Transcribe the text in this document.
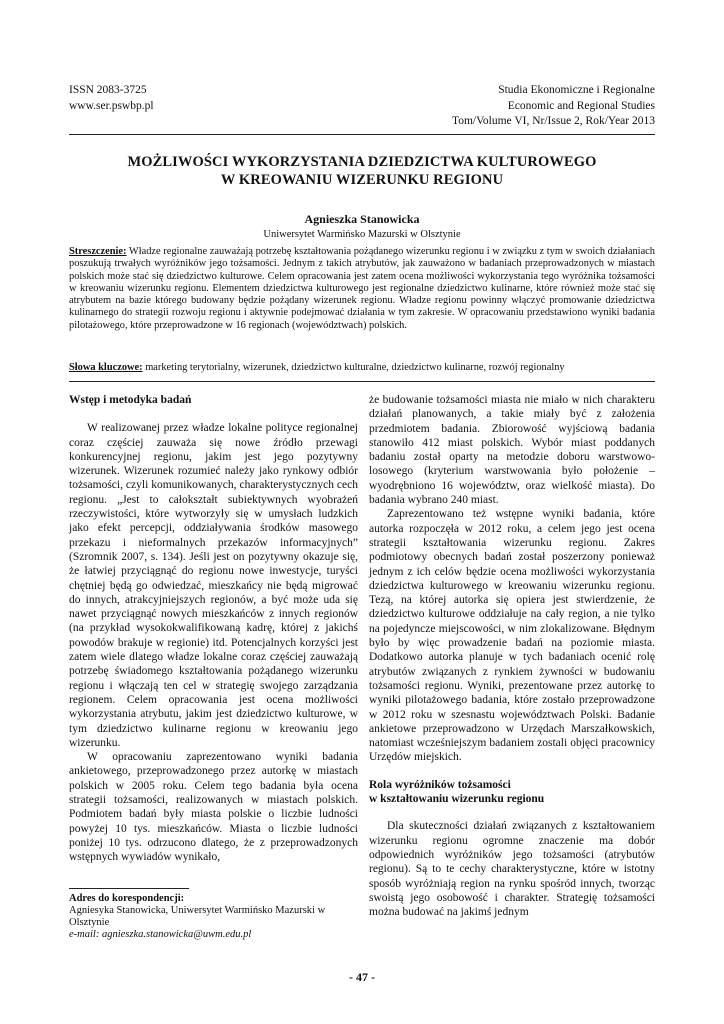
ISSN 2083-3725
www.ser.pswbp.pl
Studia Ekonomiczne i Regionalne
Economic and Regional Studies
Tom/Volume VI, Nr/Issue 2, Rok/Year 2013
MOŻLIWOŚCI WYKORZYSTANIA DZIEDZICTWA KULTUROWEGO
W KREOWANIU WIZERUNKU REGIONU
Agnieszka Stanowicka
Uniwersytet Warmińsko Mazurski w Olsztynie
Streszczenie: Władze regionalne zauważają potrzebę kształtowania pożądanego wizerunku regionu i w związku z tym w swoich działaniach poszukują trwałych wyróżników jego tożsamości. Jednym z takich atrybutów, jak zauważono w badaniach przeprowadzonych w miastach polskich może stać się dziedzictwo kulturowe. Celem opracowania jest zatem ocena możliwości wykorzystania tego wyróżnika tożsamości w kreowaniu wizerunku regionu. Elementem dziedzictwa kulturowego jest regionalne dziedzictwo kulinarne, które również może stać się atrybutem na bazie którego budowany będzie pożądany wizerunek regionu. Władze regionu powinny włączyć promowanie dziedzictwa kulinarnego do strategii rozwoju regionu i aktywnie podejmować działania w tym zakresie. W opracowaniu przedstawiono wyniki badania pilotażowego, które przeprowadzone w 16 regionach (województwach) polskich.
Słowa kluczowe: marketing terytorialny, wizerunek, dziedzictwo kulturalne, dziedzictwo kulinarne, rozwój regionalny
Wstęp i metodyka badań

W realizowanej przez władze lokalne polityce regionalnej coraz częściej zauważa się nowe źródło przewagi konkurencyjnej regionu, jakim jest jego pozytywny wizerunek. Wizerunek rozumieć należy jako rynkowy odbiór tożsamości, czyli komunikowanych, charakterystycznych cech regionu. „Jest to całokształt subiektywnych wyobrażeń rzeczywistości, które wytworzyły się w umysłach ludzkich jako efekt percepcji, oddziaływania środków masowego przekazu i nieformalnych przekazów informacyjnych” (Szromnik 2007, s. 134). Jeśli jest on pozytywny okazuje się, że łatwiej przyciągnąć do regionu nowe inwestycje, turyści chętniej będą go odwiedzać, mieszkańcy nie będą migrować do innych, atrakcyjniejszych regionów, a być może uda się nawet przyciągnąć nowych mieszkańców z innych regionów (na przykład wysokokwalifikowaną kadrę, której z jakichś powodów brakuje w regionie) itd. Potencjalnych korzyści jest zatem wiele dlatego władze lokalne coraz częściej zauważają potrzebę świadomego kształtowania pożądanego wizerunku regionu i włączają ten cel w strategię swojego zarządzania regionem. Celem opracowania jest ocena możliwości wykorzystania atrybutu, jakim jest dziedzictwo kulturowe, w tym dziedzictwo kulinarne regionu w kreowaniu jego wizerunku.

W opracowaniu zaprezentowano wyniki badania ankietowego, przeprowadzonego przez autorkę w miastach polskich w 2005 roku. Celem tego badania była ocena strategii tożsamości, realizowanych w miastach polskich. Podmiotem badań były miasta polskie o liczbie ludności powyżej 10 tys. mieszkańców. Miasta o liczbie ludności poniżej 10 tys. odrzucono dlatego, że z przeprowadzonych wstępnych wywiadów wynikało,

że budowanie tożsamości miasta nie miało w nich charakteru działań planowanych, a takie miały być z założenia przedmiotem badania. Zbiorowość wyjściową badania stanowiło 412 miast polskich. Wybór miast poddanych badaniu został oparty na metodzie doboru warstwowo-losowego (kryterium warstwowania było położenie – wyodrębniono 16 województw, oraz wielkość miasta). Do badania wybrano 240 miast.

Zaprezentowano też wstępne wyniki badania, które autorka rozpoczęła w 2012 roku, a celem jego jest ocena strategii kształtowania wizerunku regionu. Zakres podmiotowy obecnych badań został poszerzony ponieważ jednym z ich celów będzie ocena możliwości wykorzystania dziedzictwa kulturowego w kreowaniu wizerunku regionu. Tezą, na której autorka się opiera jest stwierdzenie, że dziedzictwo kulturowe oddziałuje na cały region, a nie tylko na pojedyncze miejscowości, w nim zlokalizowane. Błędnym było by więc prowadzenie badań na poziomie miasta. Dodatkowo autorka planuje w tych badaniach ocenić rolę atrybutów związanych z rynkiem żywności w budowaniu tożsamości regionu. Wyniki, prezentowane przez autorkę to wyniki pilotażowego badania, które zostało przeprowadzone w 2012 roku w szesnastu województwach Polski. Badanie ankietowe przeprowadzono w Urzędach Marszałkowskich, natomiast wcześniejszym badaniem zostali objęci pracownicy Urzędów miejskich.

Rola wyróżników tożsamości
w kształtowaniu wizerunku regionu

Dla skuteczności działań związanych z kształtowaniem wizerunku regionu ogromne znaczenie ma dobór odpowiednich wyróżników jego tożsamości (atrybutów regionu). Są to te cechy charakterystyczne, które w istotny sposób wyróżniają region na rynku spośród innych, tworząc swoistą jego osobowość i charakter. Strategię tożsamości można budować na jakimś jednym

Adres do korespondencji:
Agniesyka Stanowicka, Uniwersytet Warmińsko Mazurski w Olsztynie
e-mail: agnieszka.stanowicka@uwm.edu.pl
- 47 -
